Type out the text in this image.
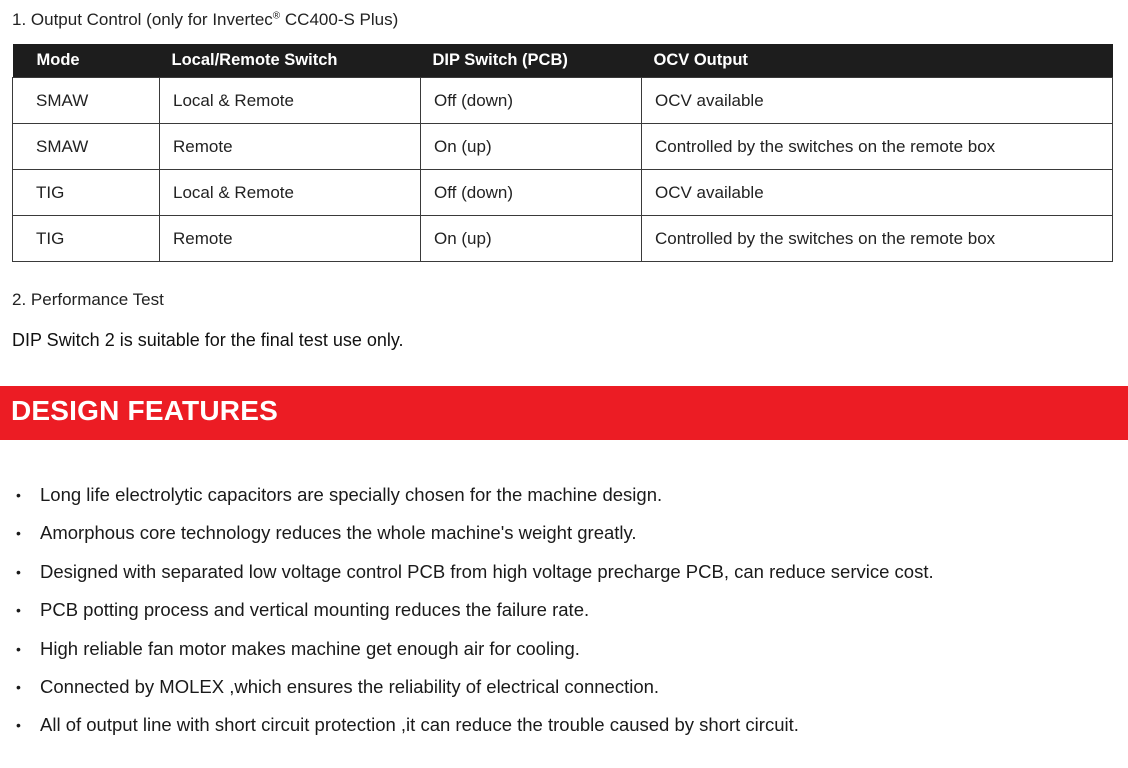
1. Output Control (only for Invertec® CC400-S Plus)
Mode	Local/Remote Switch	DIP Switch (PCB)	OCV Output
SMAW	Local & Remote	Off (down)	OCV available
SMAW	Remote	On (up)	Controlled by the switches on the remote box
TIG	Local & Remote	Off (down)	OCV available
TIG	Remote	On (up)	Controlled by the switches on the remote box
2. Performance Test
DIP Switch 2 is suitable for the final test use only.
DESIGN FEATURES
• Long life electrolytic capacitors are specially chosen for the machine design.
• Amorphous core technology reduces the whole machine's weight greatly.
• Designed with separated low voltage control PCB from high voltage precharge PCB, can reduce service cost.
• PCB potting process and vertical mounting reduces the failure rate.
• High reliable fan motor makes machine get enough air for cooling.
• Connected by MOLEX ,which ensures the reliability of electrical connection.
• All of output line with short circuit protection ,it can reduce the trouble caused by short circuit.
